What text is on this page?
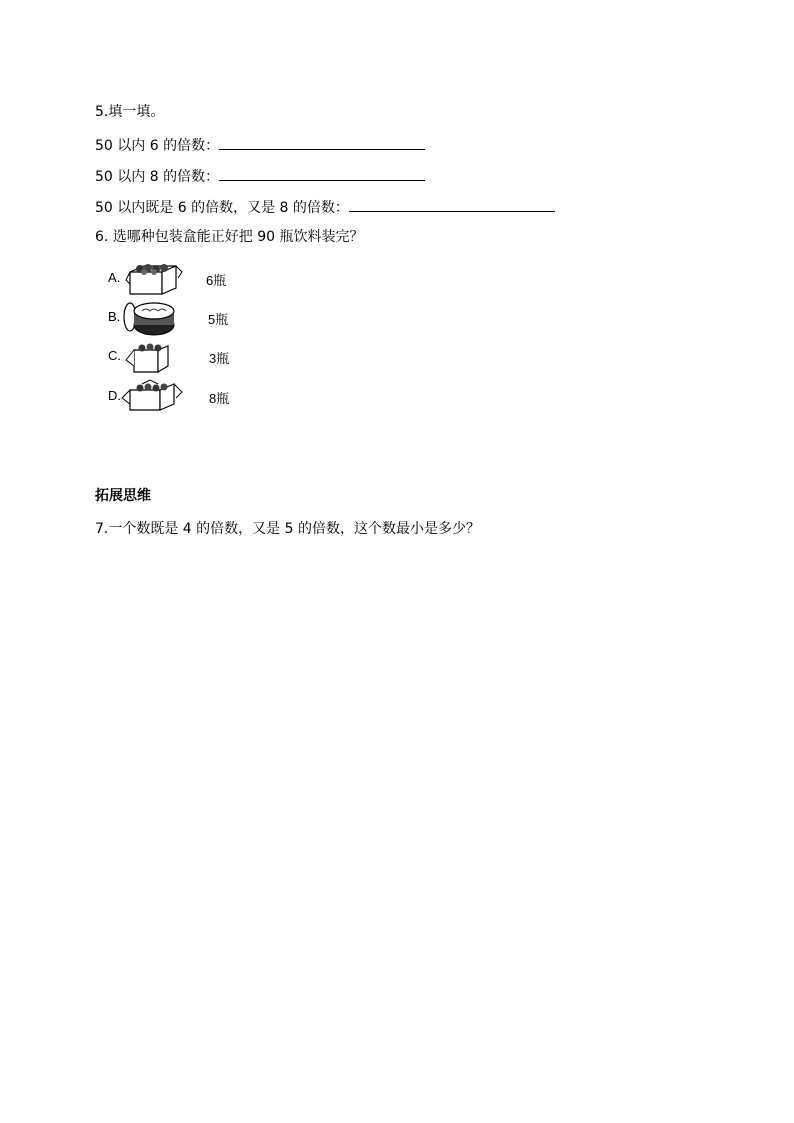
5.填一填。
50 以内 6 的倍数：
50 以内 8 的倍数：
50 以内既是 6 的倍数，又是 8 的倍数：
6. 选哪种包装盒能正好把 90 瓶饮料装完？
A.	6瓶
B.	5瓶
C.	3瓶
D.	8瓶
拓展思维
7.一个数既是 4 的倍数，又是 5 的倍数，这个数最小是多少？
